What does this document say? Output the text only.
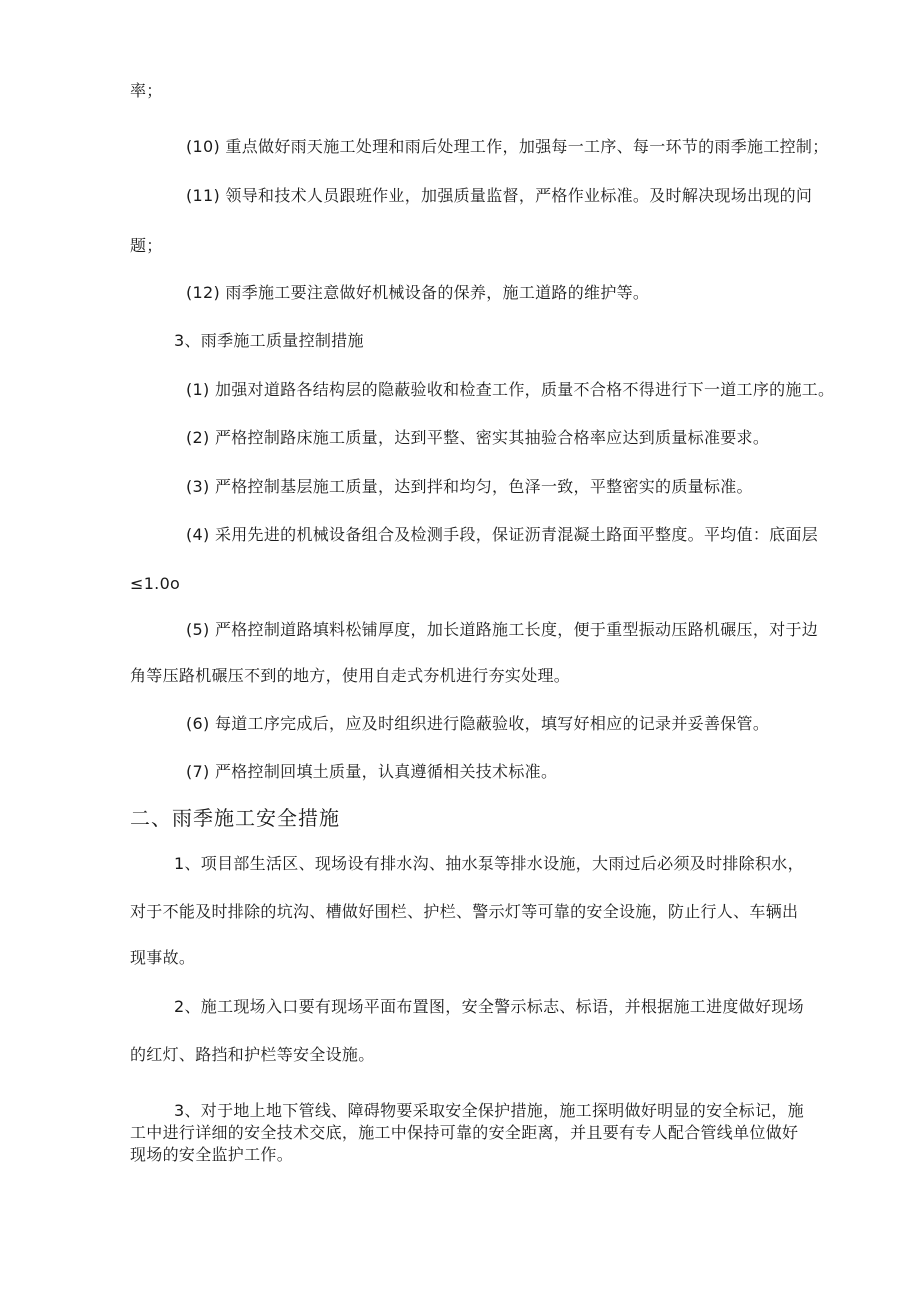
率；
(10) 重点做好雨天施工处理和雨后处理工作，加强每一工序、每一环节的雨季施工控制；
(11) 领导和技术人员跟班作业，加强质量监督，严格作业标准。及时解决现场出现的问
题；
(12) 雨季施工要注意做好机械设备的保养，施工道路的维护等。
3、雨季施工质量控制措施
(1) 加强对道路各结构层的隐蔽验收和检查工作，质量不合格不得进行下一道工序的施工。
(2) 严格控制路床施工质量，达到平整、密实其抽验合格率应达到质量标准要求。
(3) 严格控制基层施工质量，达到拌和均匀，色泽一致，平整密实的质量标准。
(4) 采用先进的机械设备组合及检测手段，保证沥青混凝土路面平整度。平均值：底面层
≤1.0o
(5) 严格控制道路填料松铺厚度，加长道路施工长度，便于重型振动压路机碾压，对于边
角等压路机碾压不到的地方，使用自走式夯机进行夯实处理。
(6) 每道工序完成后，应及时组织进行隐蔽验收，填写好相应的记录并妥善保管。
(7) 严格控制回填土质量，认真遵循相关技术标准。
二、雨季施工安全措施
1、项目部生活区、现场设有排水沟、抽水泵等排水设施，大雨过后必须及时排除积水，
对于不能及时排除的坑沟、槽做好围栏、护栏、警示灯等可靠的安全设施，防止行人、车辆出
现事故。
2、施工现场入口要有现场平面布置图，安全警示标志、标语，并根据施工进度做好现场
的红灯、路挡和护栏等安全设施。
3、对于地上地下管线、障碍物要采取安全保护措施，施工探明做好明显的安全标记，施
工中进行详细的安全技术交底，施工中保持可靠的安全距离，并且要有专人配合管线单位做好
现场的安全监护工作。
